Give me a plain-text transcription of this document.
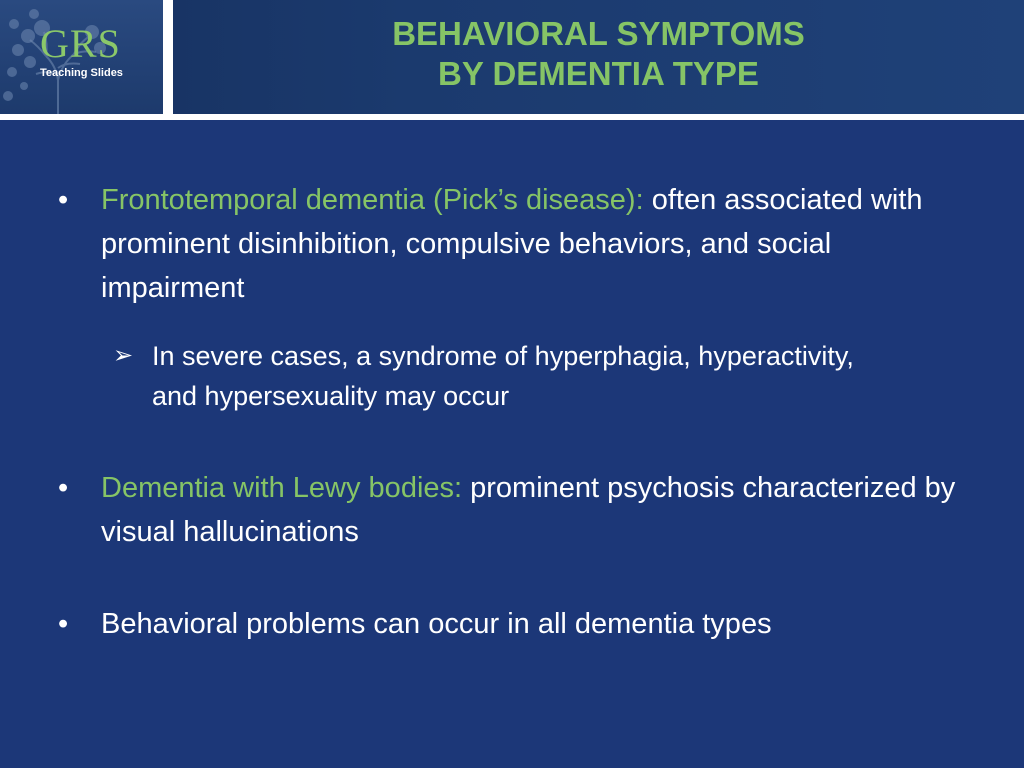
GRS
Teaching Slides
BEHAVIORAL SYMPTOMS
BY DEMENTIA TYPE
•	Frontotemporal dementia (Pick’s disease): often associated with prominent disinhibition, compulsive behaviors, and social impairment
➢ In severe cases, a syndrome of hyperphagia, hyperactivity, and hypersexuality may occur
•	Dementia with Lewy bodies: prominent psychosis characterized by visual hallucinations
•	Behavioral problems can occur in all dementia types
